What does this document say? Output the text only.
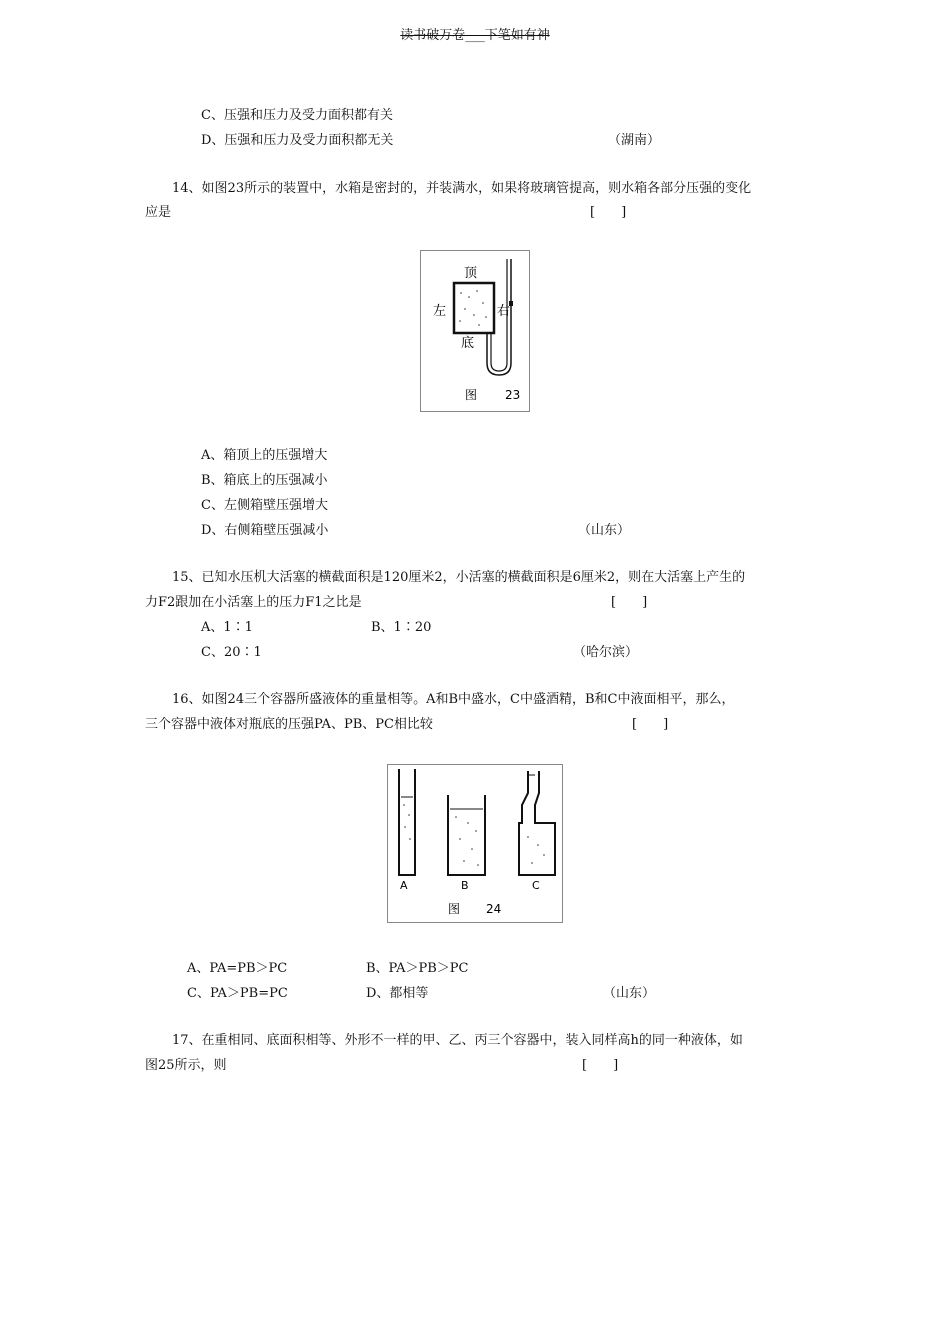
读书破万卷___下笔如有神
C、压强和压力及受力面积都有关
D、压强和压力及受力面积都无关	（湖南）
14、如图23所示的装置中，水箱是密封的，并装满水，如果将玻璃管提高，则水箱各部分压强的变化
应是	[　　]
顶
左	右
底
图 23
A、箱顶上的压强增大
B、箱底上的压强减小
C、左侧箱壁压强增大
D、右侧箱壁压强减小	（山东）
15、已知水压机大活塞的横截面积是120厘米2，小活塞的横截面积是6厘米2，则在大活塞上产生的
力F2跟加在小活塞上的压力F1之比是	[　　]
A、1∶1	B、1∶20
C、20∶1	（哈尔滨）
16、如图24三个容器所盛液体的重量相等。A和B中盛水，C中盛酒精，B和C中液面相平，那么，
三个容器中液体对瓶底的压强PA、PB、PC相比较	[　　]
A	B	C
图 24
A、PA=PB＞PC	B、PA＞PB＞PC
C、PA＞PB=PC	D、都相等	（山东）
17、在重相同、底面积相等、外形不一样的甲、乙、丙三个容器中，装入同样高h的同一种液体，如
图25所示，则	[　　]
